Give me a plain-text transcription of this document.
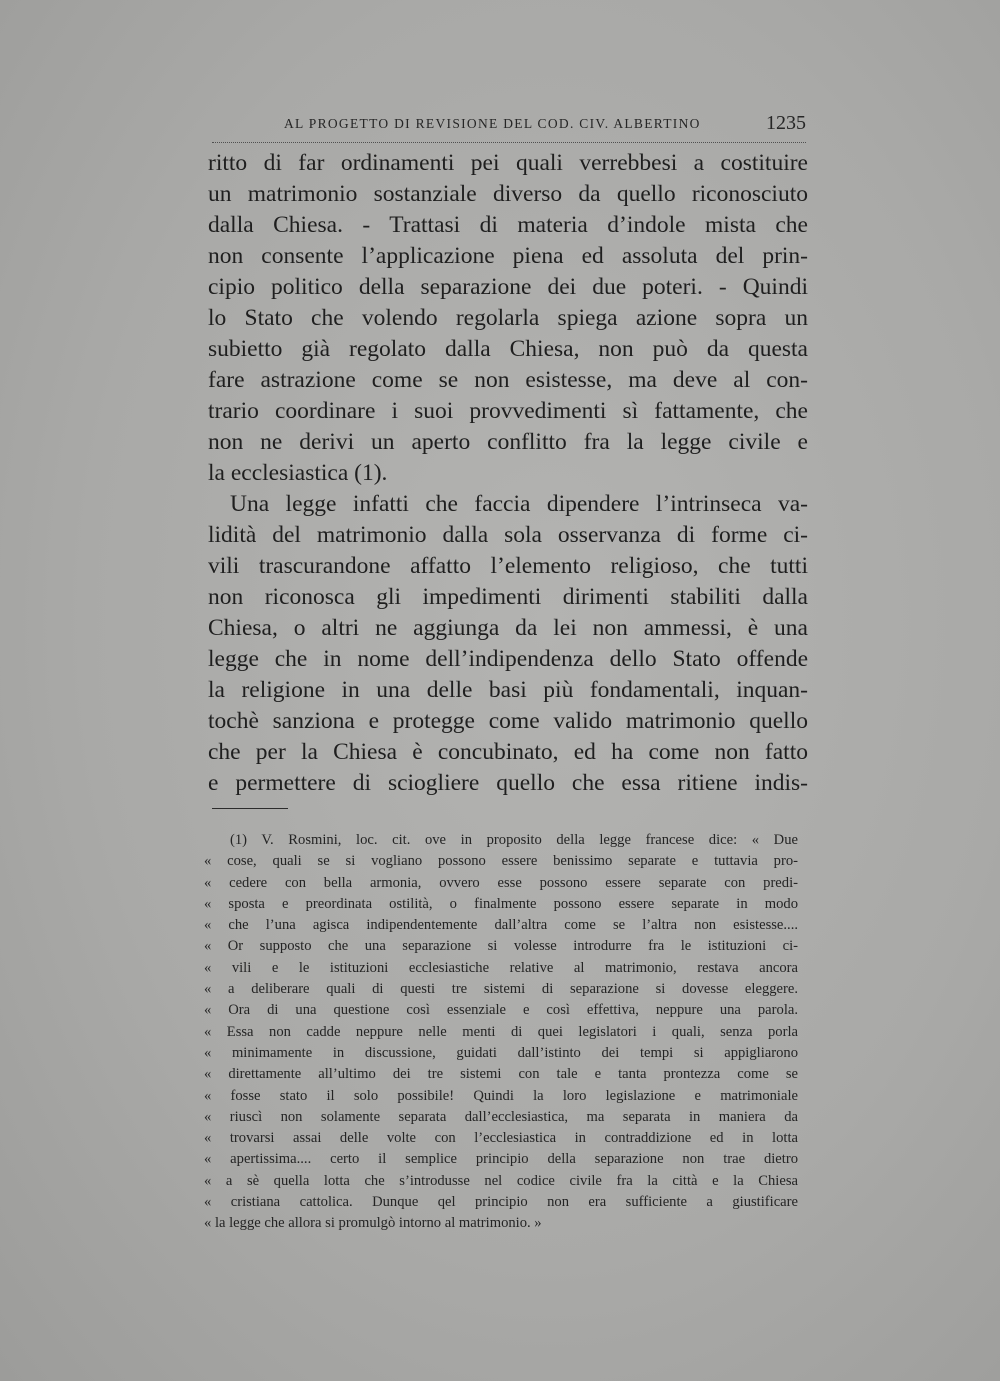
AL PROGETTO DI REVISIONE DEL COD. CIV. ALBERTINO	1235
ritto di far ordinamenti pei quali verrebbesi a costituire
un matrimonio sostanziale diverso da quello riconosciuto
dalla Chiesa. - Trattasi di materia d’indole mista che
non consente l’applicazione piena ed assoluta del prin-
cipio politico della separazione dei due poteri. - Quindi
lo Stato che volendo regolarla spiega azione sopra un
subietto già regolato dalla Chiesa, non può da questa
fare astrazione come se non esistesse, ma deve al con-
trario coordinare i suoi provvedimenti sì fattamente, che
non ne derivi un aperto conflitto fra la legge civile e
la ecclesiastica (1).
Una legge infatti che faccia dipendere l’intrinseca va-
lidità del matrimonio dalla sola osservanza di forme ci-
vili trascurandone affatto l’elemento religioso, che tutti
non riconosca gli impedimenti dirimenti stabiliti dalla
Chiesa, o altri ne aggiunga da lei non ammessi, è una
legge che in nome dell’indipendenza dello Stato offende
la religione in una delle basi più fondamentali, inquan-
tochè sanziona e protegge come valido matrimonio quello
che per la Chiesa è concubinato, ed ha come non fatto
e permettere di sciogliere quello che essa ritiene indis-
(1) V. Rosmini, loc. cit. ove in proposito della legge francese dice: « Due
« cose, quali se si vogliano possono essere benissimo separate e tuttavia pro-
« cedere con bella armonia, ovvero esse possono essere separate con predi-
« sposta e preordinata ostilità, o finalmente possono essere separate in modo
« che l’una agisca indipendentemente dall’altra come se l’altra non esistesse....
« Or supposto che una separazione si volesse introdurre fra le istituzioni ci-
« vili e le istituzioni ecclesiastiche relative al matrimonio, restava ancora
« a deliberare quali di questi tre sistemi di separazione si dovesse eleggere.
« Ora di una questione così essenziale e così effettiva, neppure una parola.
« Essa non cadde neppure nelle menti di quei legislatori i quali, senza porla
« minimamente in discussione, guidati dall’istinto dei tempi si appigliarono
« direttamente all’ultimo dei tre sistemi con tale e tanta prontezza come se
« fosse stato il solo possibile! Quindi la loro legislazione e matrimoniale
« riuscì non solamente separata dall’ecclesiastica, ma separata in maniera da
« trovarsi assai delle volte con l’ecclesiastica in contraddizione ed in lotta
« apertissima.... certo il semplice principio della separazione non trae dietro
« a sè quella lotta che s’introdusse nel codice civile fra la città e la Chiesa
« cristiana cattolica. Dunque qel principio non era sufficiente a giustificare
« la legge che allora si promulgò intorno al matrimonio. »
